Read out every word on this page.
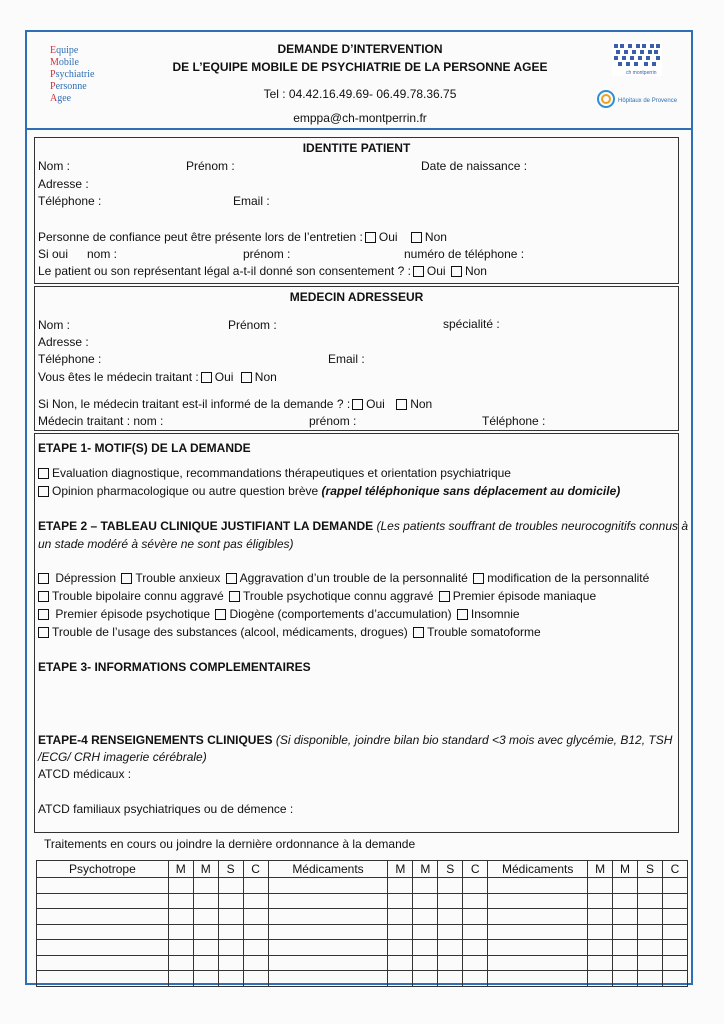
Equipe
Mobile
Psychiatrie
Personne
Agee
DEMANDE D’INTERVENTION
DE L’EQUIPE MOBILE DE PSYCHIATRIE DE LA PERSONNE AGEE
Tel : 04.42.16.49.69- 06.49.78.36.75
emppa@ch-montperrin.fr
ch montperrin
Hôpitaux de Provence
IDENTITE PATIENT
Nom :	Prénom :	Date de naissance :
Adresse :
Téléphone :	Email :
Personne de confiance peut être présente lors de l’entretien : Oui Non
Si oui nom :	prénom :	numéro de téléphone :
Le patient ou son représentant légal a-t-il donné son consentement ? : Oui Non
MEDECIN ADRESSEUR
Nom :	Prénom :	spécialité :
Adresse :
Téléphone :	Email :
Vous êtes le médecin traitant : Oui Non
Si Non, le médecin traitant est-il informé de la demande ? : Oui Non
Médecin traitant : nom :	prénom :	Téléphone :
ETAPE 1- MOTIF(S) DE LA DEMANDE
Evaluation diagnostique, recommandations thérapeutiques et orientation psychiatrique
Opinion pharmacologique ou autre question brève (rappel téléphonique sans déplacement au domicile)
ETAPE 2 – TABLEAU CLINIQUE JUSTIFIANT LA DEMANDE (Les patients souffrant de troubles neurocognitifs connus à
un stade modéré à sévère ne sont pas éligibles)
Dépression Trouble anxieux Aggravation d’un trouble de la personnalité modification de la personnalité
Trouble bipolaire connu aggravé Trouble psychotique connu aggravé Premier épisode maniaque
Premier épisode psychotique Diogène (comportements d’accumulation) Insomnie
Trouble de l’usage des substances (alcool, médicaments, drogues) Trouble somatoforme
ETAPE 3- INFORMATIONS COMPLEMENTAIRES
ETAPE-4 RENSEIGNEMENTS CLINIQUES (Si disponible, joindre bilan bio standard <3 mois avec glycémie, B12, TSH
/ECG/ CRH imagerie cérébrale)
ATCD médicaux :
ATCD familiaux psychiatriques ou de démence :
Traitements en cours ou joindre la dernière ordonnance à la demande
Psychotrope	M	M	S	C	Médicaments	M	M	S	C	Médicaments	M	M	S	C
